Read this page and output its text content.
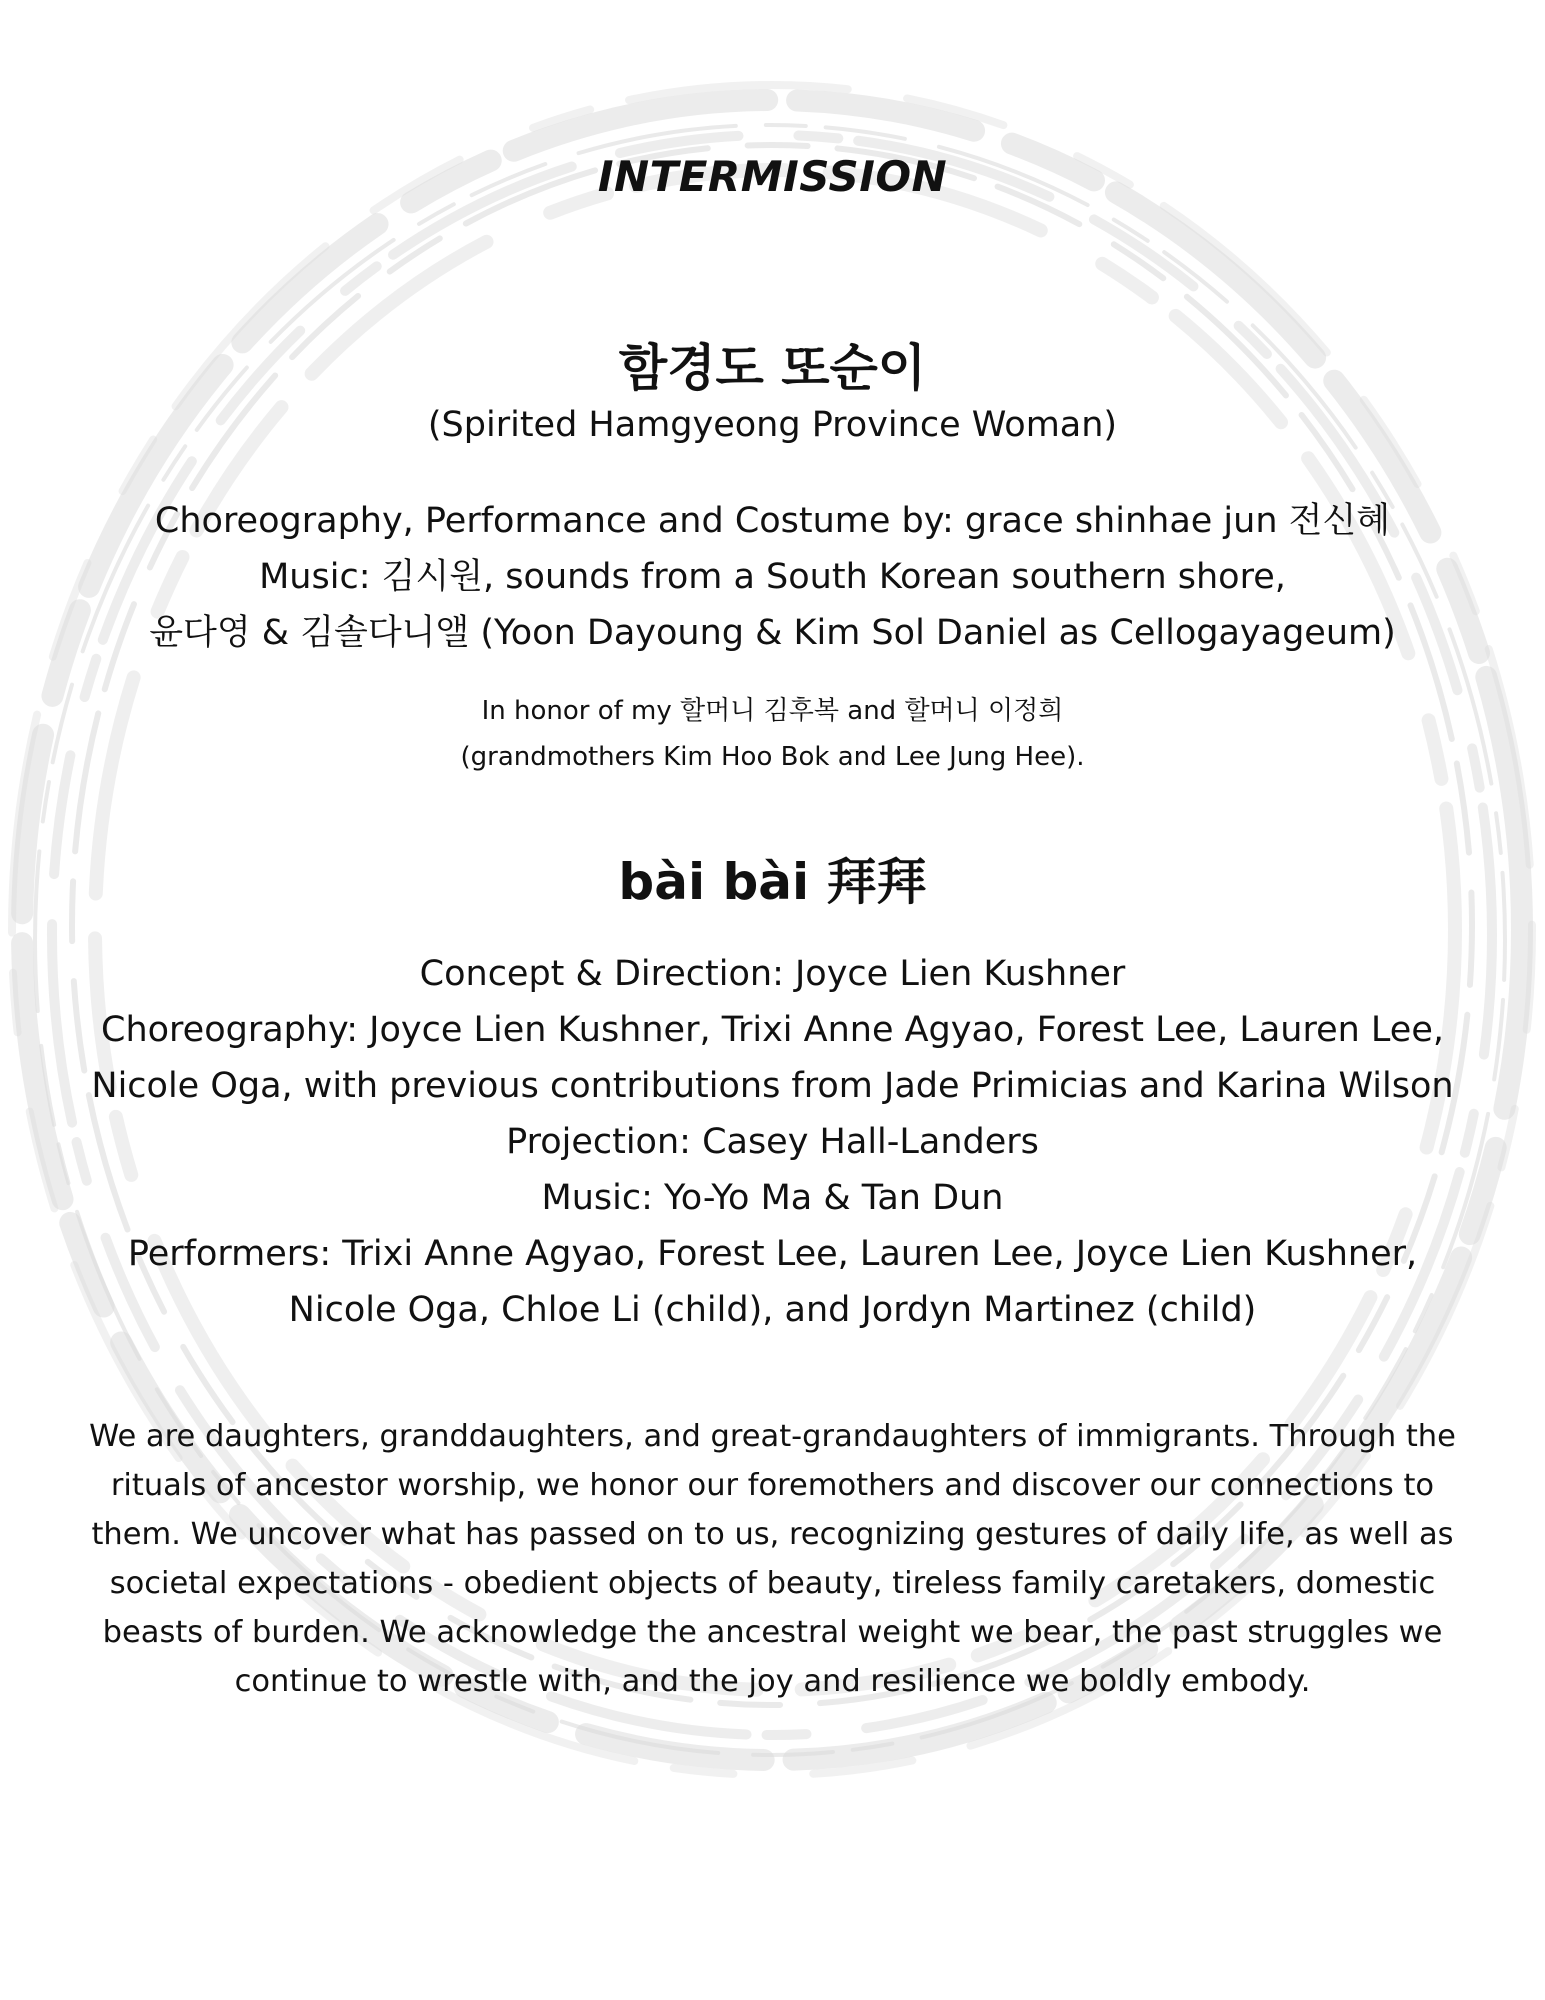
INTERMISSION
함경도 또순이
(Spirited Hamgyeong Province Woman)
Choreography, Performance and Costume by: grace shinhae jun 전신혜
Music: 김시원, sounds from a South Korean southern shore,
윤다영 & 김솔다니앨 (Yoon Dayoung & Kim Sol Daniel as Cellogayageum)
In honor of my 할머니 김후복 and 할머니 이정희
(grandmothers Kim Hoo Bok and Lee Jung Hee).
bài bài 拜拜
Concept & Direction: Joyce Lien Kushner
Choreography: Joyce Lien Kushner, Trixi Anne Agyao, Forest Lee, Lauren Lee,
Nicole Oga, with previous contributions from Jade Primicias and Karina Wilson
Projection: Casey Hall-Landers
Music: Yo-Yo Ma & Tan Dun
Performers: Trixi Anne Agyao, Forest Lee, Lauren Lee, Joyce Lien Kushner,
Nicole Oga, Chloe Li (child), and Jordyn Martinez (child)
We are daughters, granddaughters, and great-grandaughters of immigrants. Through the
rituals of ancestor worship, we honor our foremothers and discover our connections to
them. We uncover what has passed on to us, recognizing gestures of daily life, as well as
societal expectations - obedient objects of beauty, tireless family caretakers, domestic
beasts of burden. We acknowledge the ancestral weight we bear, the past struggles we
continue to wrestle with, and the joy and resilience we boldly embody.
